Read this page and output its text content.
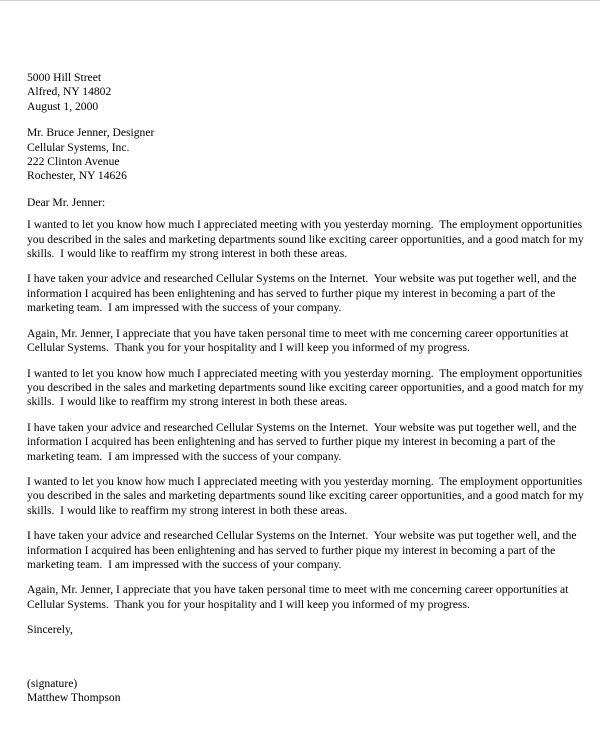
5000 Hill Street
Alfred, NY 14802
August 1, 2000
Mr. Bruce Jenner, Designer
Cellular Systems, Inc.
222 Clinton Avenue
Rochester, NY 14626
Dear Mr. Jenner:
I wanted to let you know how much I appreciated meeting with you yesterday morning.  The employment opportunities
you described in the sales and marketing departments sound like exciting career opportunities, and a good match for my
skills.  I would like to reaffirm my strong interest in both these areas.
I have taken your advice and researched Cellular Systems on the Internet.  Your website was put together well, and the
information I acquired has been enlightening and has served to further pique my interest in becoming a part of the
marketing team.  I am impressed with the success of your company.
Again, Mr. Jenner, I appreciate that you have taken personal time to meet with me concerning career opportunities at
Cellular Systems.  Thank you for your hospitality and I will keep you informed of my progress.
I wanted to let you know how much I appreciated meeting with you yesterday morning.  The employment opportunities
you described in the sales and marketing departments sound like exciting career opportunities, and a good match for my
skills.  I would like to reaffirm my strong interest in both these areas.
I have taken your advice and researched Cellular Systems on the Internet.  Your website was put together well, and the
information I acquired has been enlightening and has served to further pique my interest in becoming a part of the
marketing team.  I am impressed with the success of your company.
I wanted to let you know how much I appreciated meeting with you yesterday morning.  The employment opportunities
you described in the sales and marketing departments sound like exciting career opportunities, and a good match for my
skills.  I would like to reaffirm my strong interest in both these areas.
I have taken your advice and researched Cellular Systems on the Internet.  Your website was put together well, and the
information I acquired has been enlightening and has served to further pique my interest in becoming a part of the
marketing team.  I am impressed with the success of your company.
Again, Mr. Jenner, I appreciate that you have taken personal time to meet with me concerning career opportunities at
Cellular Systems.  Thank you for your hospitality and I will keep you informed of my progress.
Sincerely,
(signature)
Matthew Thompson
